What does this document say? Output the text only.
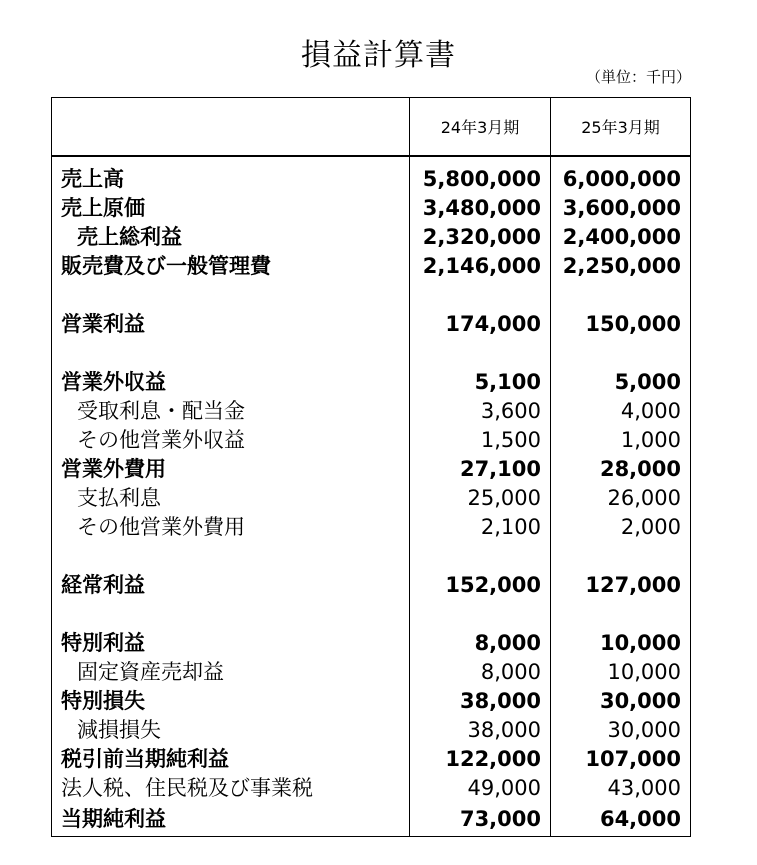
損益計算書
（単位：千円）
	24年3月期	25年3月期
売上高	5,800,000	6,000,000
売上原価	3,480,000	3,600,000
売上総利益	2,320,000	2,400,000
販売費及び一般管理費	2,146,000	2,250,000

営業利益	174,000	150,000

営業外収益	5,100	5,000
受取利息・配当金	3,600	4,000
その他営業外収益	1,500	1,000
営業外費用	27,100	28,000
支払利息	25,000	26,000
その他営業外費用	2,100	2,000

経常利益	152,000	127,000

特別利益	8,000	10,000
固定資産売却益	8,000	10,000
特別損失	38,000	30,000
減損損失	38,000	30,000
税引前当期純利益	122,000	107,000
法人税、住民税及び事業税	49,000	43,000
当期純利益	73,000	64,000
